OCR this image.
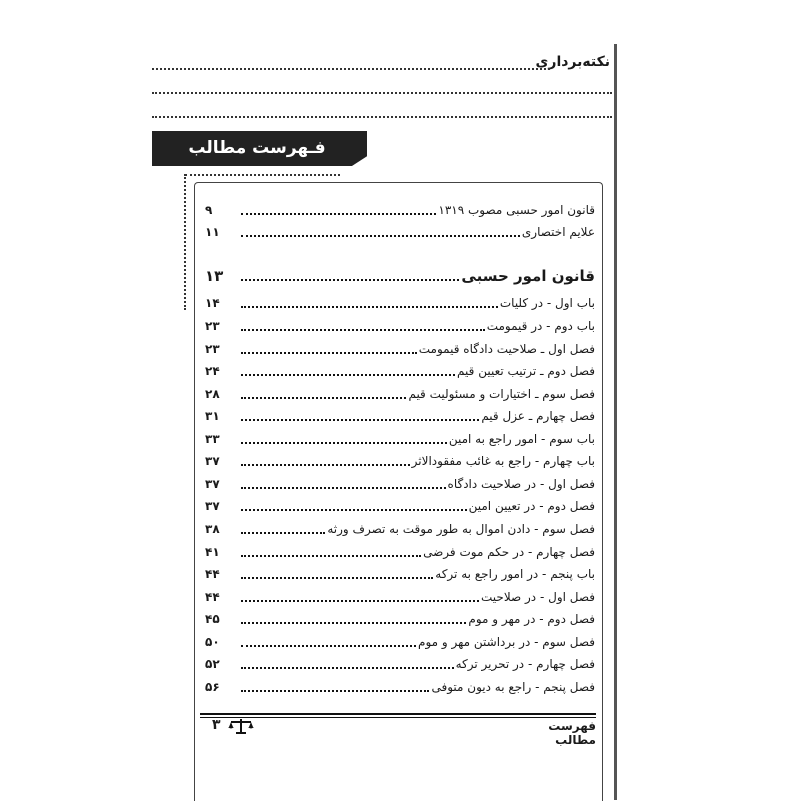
نکته‌برداری
فـهرست مطالب
۹	قانون امور حسبی مصوب ۱۳۱۹
۱۱	علایم اختصاری
۱۳	قانون امور حسبی
۱۴	باب اول - در کلیات
۲۳	باب دوم - در قیمومت
۲۳	فصل اول ـ صلاحیت دادگاه قیمومت
۲۴	فصل دوم ـ ترتیب تعیین قیم
۲۸	فصل سوم ـ اختیارات و مسئولیت قیم
۳۱	فصل چهارم ـ عزل قیم
۳۳	باب سوم - امور راجع به امین
۳۷	باب چهارم - راجع به غائب مفقودالاثر
۳۷	فصل اول - در صلاحیت دادگاه
۳۷	فصل دوم - در تعیین امین
۳۸	فصل سوم - دادن اموال به طور موقت به تصرف ورثه
۴۱	فصل چهارم - در حکم موت فرضی
۴۴	باب پنجم - در امور راجع به ترکه
۴۴	فصل اول - در صلاحیت
۴۵	فصل دوم - در مهر و موم
۵۰	فصل سوم - در برداشتن مهر و موم
۵۲	فصل چهارم - در تحریر ترکه
۵۶	فصل پنجم - راجع به دیون متوفی
فهرست مطالب
۳
